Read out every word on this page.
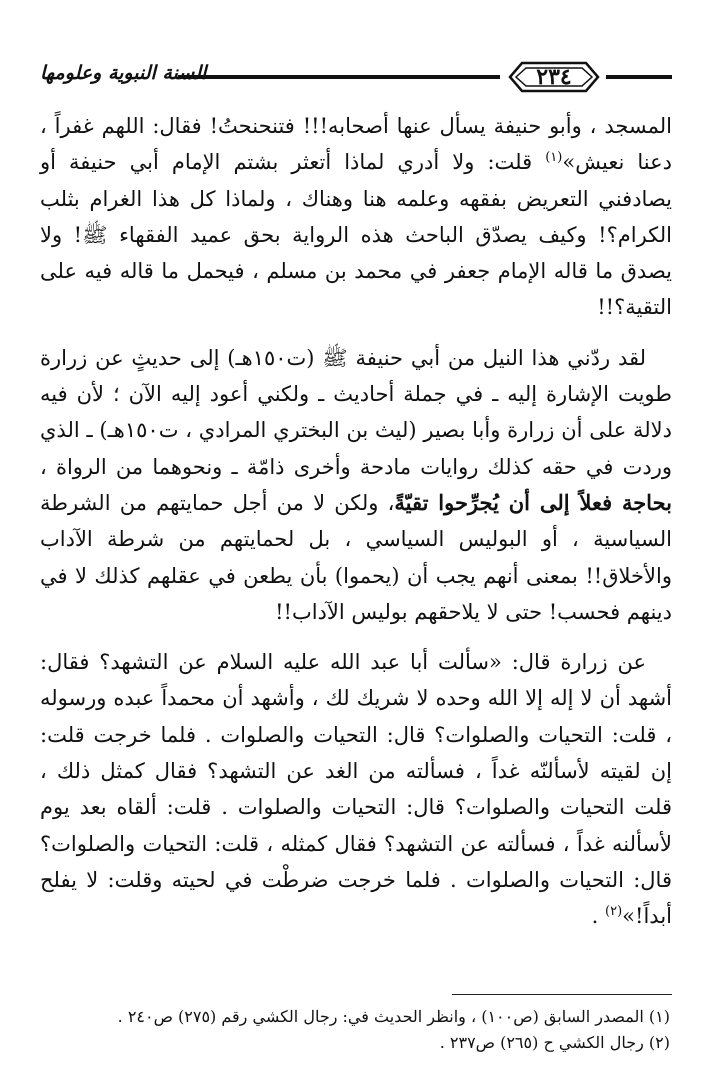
٢٣٤
السنة النبوية وعلومها

المسجد ، وأبو حنيفة يسأل عنها أصحابه!!! فتنحنحتُ! فقال: اللهم غفراً ، دعنا نعيش»$^{(١)}$ قلت: ولا أدري لماذا أتعثر بشتم الإمام أبي حنيفة أو يصادفني التعريض بفقهه وعلمه هنا وهناك ، ولماذا كل هذا الغرام بثلب الكرام؟! وكيف يصدّق الباحث هذه الرواية بحق عميد الفقهاء ﷺ! ولا يصدق ما قاله الإمام جعفر في محمد بن مسلم ، فيحمل ما قاله فيه على التقية؟!!

لقد ردّني هذا النيل من أبي حنيفة ﷺ (ت١٥٠هـ) إلى حديثٍ عن زرارة طويت الإشارة إليه ـ في جملة أحاديث ـ ولكني أعود إليه الآن ؛ لأن فيه دلالة على أن زرارة وأبا بصير (ليث بن البختري المرادي ، ت١٥٠هـ) ـ الذي وردت في حقه كذلك روايات مادحة وأخرى ذامّة ـ ونحوهما من الرواة ، بحاجة فعلاً إلى أن يُجرِّحوا تقيّةً، ولكن لا من أجل حمايتهم من الشرطة السياسية ، أو البوليس السياسي ، بل لحمايتهم من شرطة الآداب والأخلاق!! بمعنى أنهم يجب أن (يحموا) بأن يطعن في عقلهم كذلك لا في دينهم فحسب! حتى لا يلاحقهم بوليس الآداب!!

عن زرارة قال: «سألت أبا عبد الله عليه السلام عن التشهد؟ فقال: أشهد أن لا إله إلا الله وحده لا شريك لك ، وأشهد أن محمداً عبده ورسوله ، قلت: التحيات والصلوات؟ قال: التحيات والصلوات . فلما خرجت قلت: إن لقيته لأسألنّه غداً ، فسألته من الغد عن التشهد؟ فقال كمثل ذلك ، قلت التحيات والصلوات؟ قال: التحيات والصلوات . قلت: ألقاه بعد يوم لأسألنه غداً ، فسألته عن التشهد؟ فقال كمثله ، قلت: التحيات والصلوات؟ قال: التحيات والصلوات . فلما خرجت ضرطْت في لحيته وقلت: لا يفلح أبداً!»$^{(٢)}$ .

(١) المصدر السابق (ص١٠٠) ، وانظر الحديث في: رجال الكشي رقم (٢٧٥) ص٢٤٠ .
(٢) رجال الكشي ح (٢٦٥) ص٢٣٧ .
